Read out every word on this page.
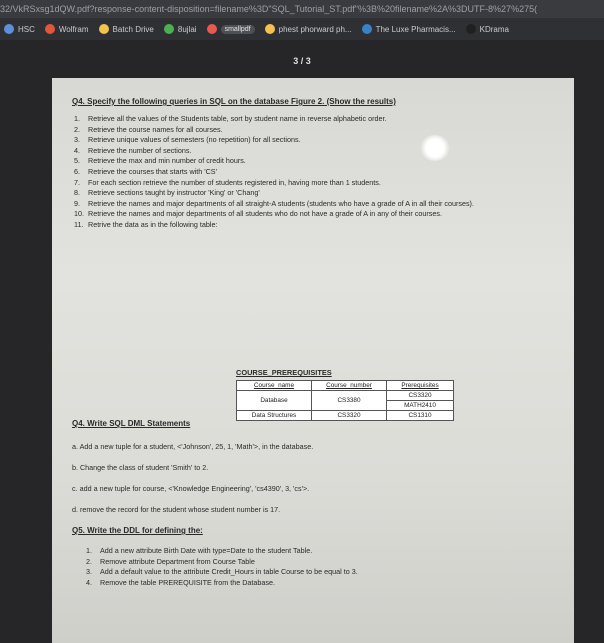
32/VkRSxsg1dQW.pdf?response-content-disposition=filename%3D"SQL_Tutorial_ST.pdf"%3B%20filename%2A%3DUTF-8%27%275(
HSC	Wolfram	Batch Drive	8ujlai	smallpdf	phest phorward ph...	The Luxe Pharmacis...	KDrama
3 / 3
Q4. Specify the following queries in SQL on the database Figure 2. (Show the results)
1. Retrieve all the values of the Students table, sort by student name in reverse alphabetic order.
2. Retrieve the course names for all courses.
3. Retrieve unique values of semesters (no repetition) for all sections.
4. Retrieve the number of sections.
5. Retrieve the max and min number of credit hours.
6. Retrieve the courses that starts with 'CS'
7. For each section retrieve the number of students registered in, having more than 1 students.
8. Retrieve sections taught by instructor 'King' or 'Chang'
9. Retrieve the names and major departments of all straight-A students (students who have a grade of A in all their courses).
10. Retrieve the names and major departments of all students who do not have a grade of A in any of their courses.
11. Retrive the data as in the following table:
COURSE_PREREQUISITES
Course_name	Course_number	Prerequisites
Database	CS3380	CS3320
		MATH2410
Data Structures	CS3320	CS1310
Q4. Write SQL DML Statements
a. Add a new tuple for a student, <'Johnson', 25, 1, 'Math'>, in the database.
b. Change the class of student 'Smith' to 2.
c. add a new tuple for course, <'Knowledge Engineering', 'cs4390', 3, 'cs'>.
d. remove the record for the student whose student number is 17.
Q5. Write the DDL for defining the:
1. Add a new attribute Birth Date with type=Date to the student Table.
2. Remove attribute Department from Course Table
3. Add a default value to the attribute Credit_Hours in table Course to be equal to 3.
4. Remove the table PREREQUISITE from the Database.
